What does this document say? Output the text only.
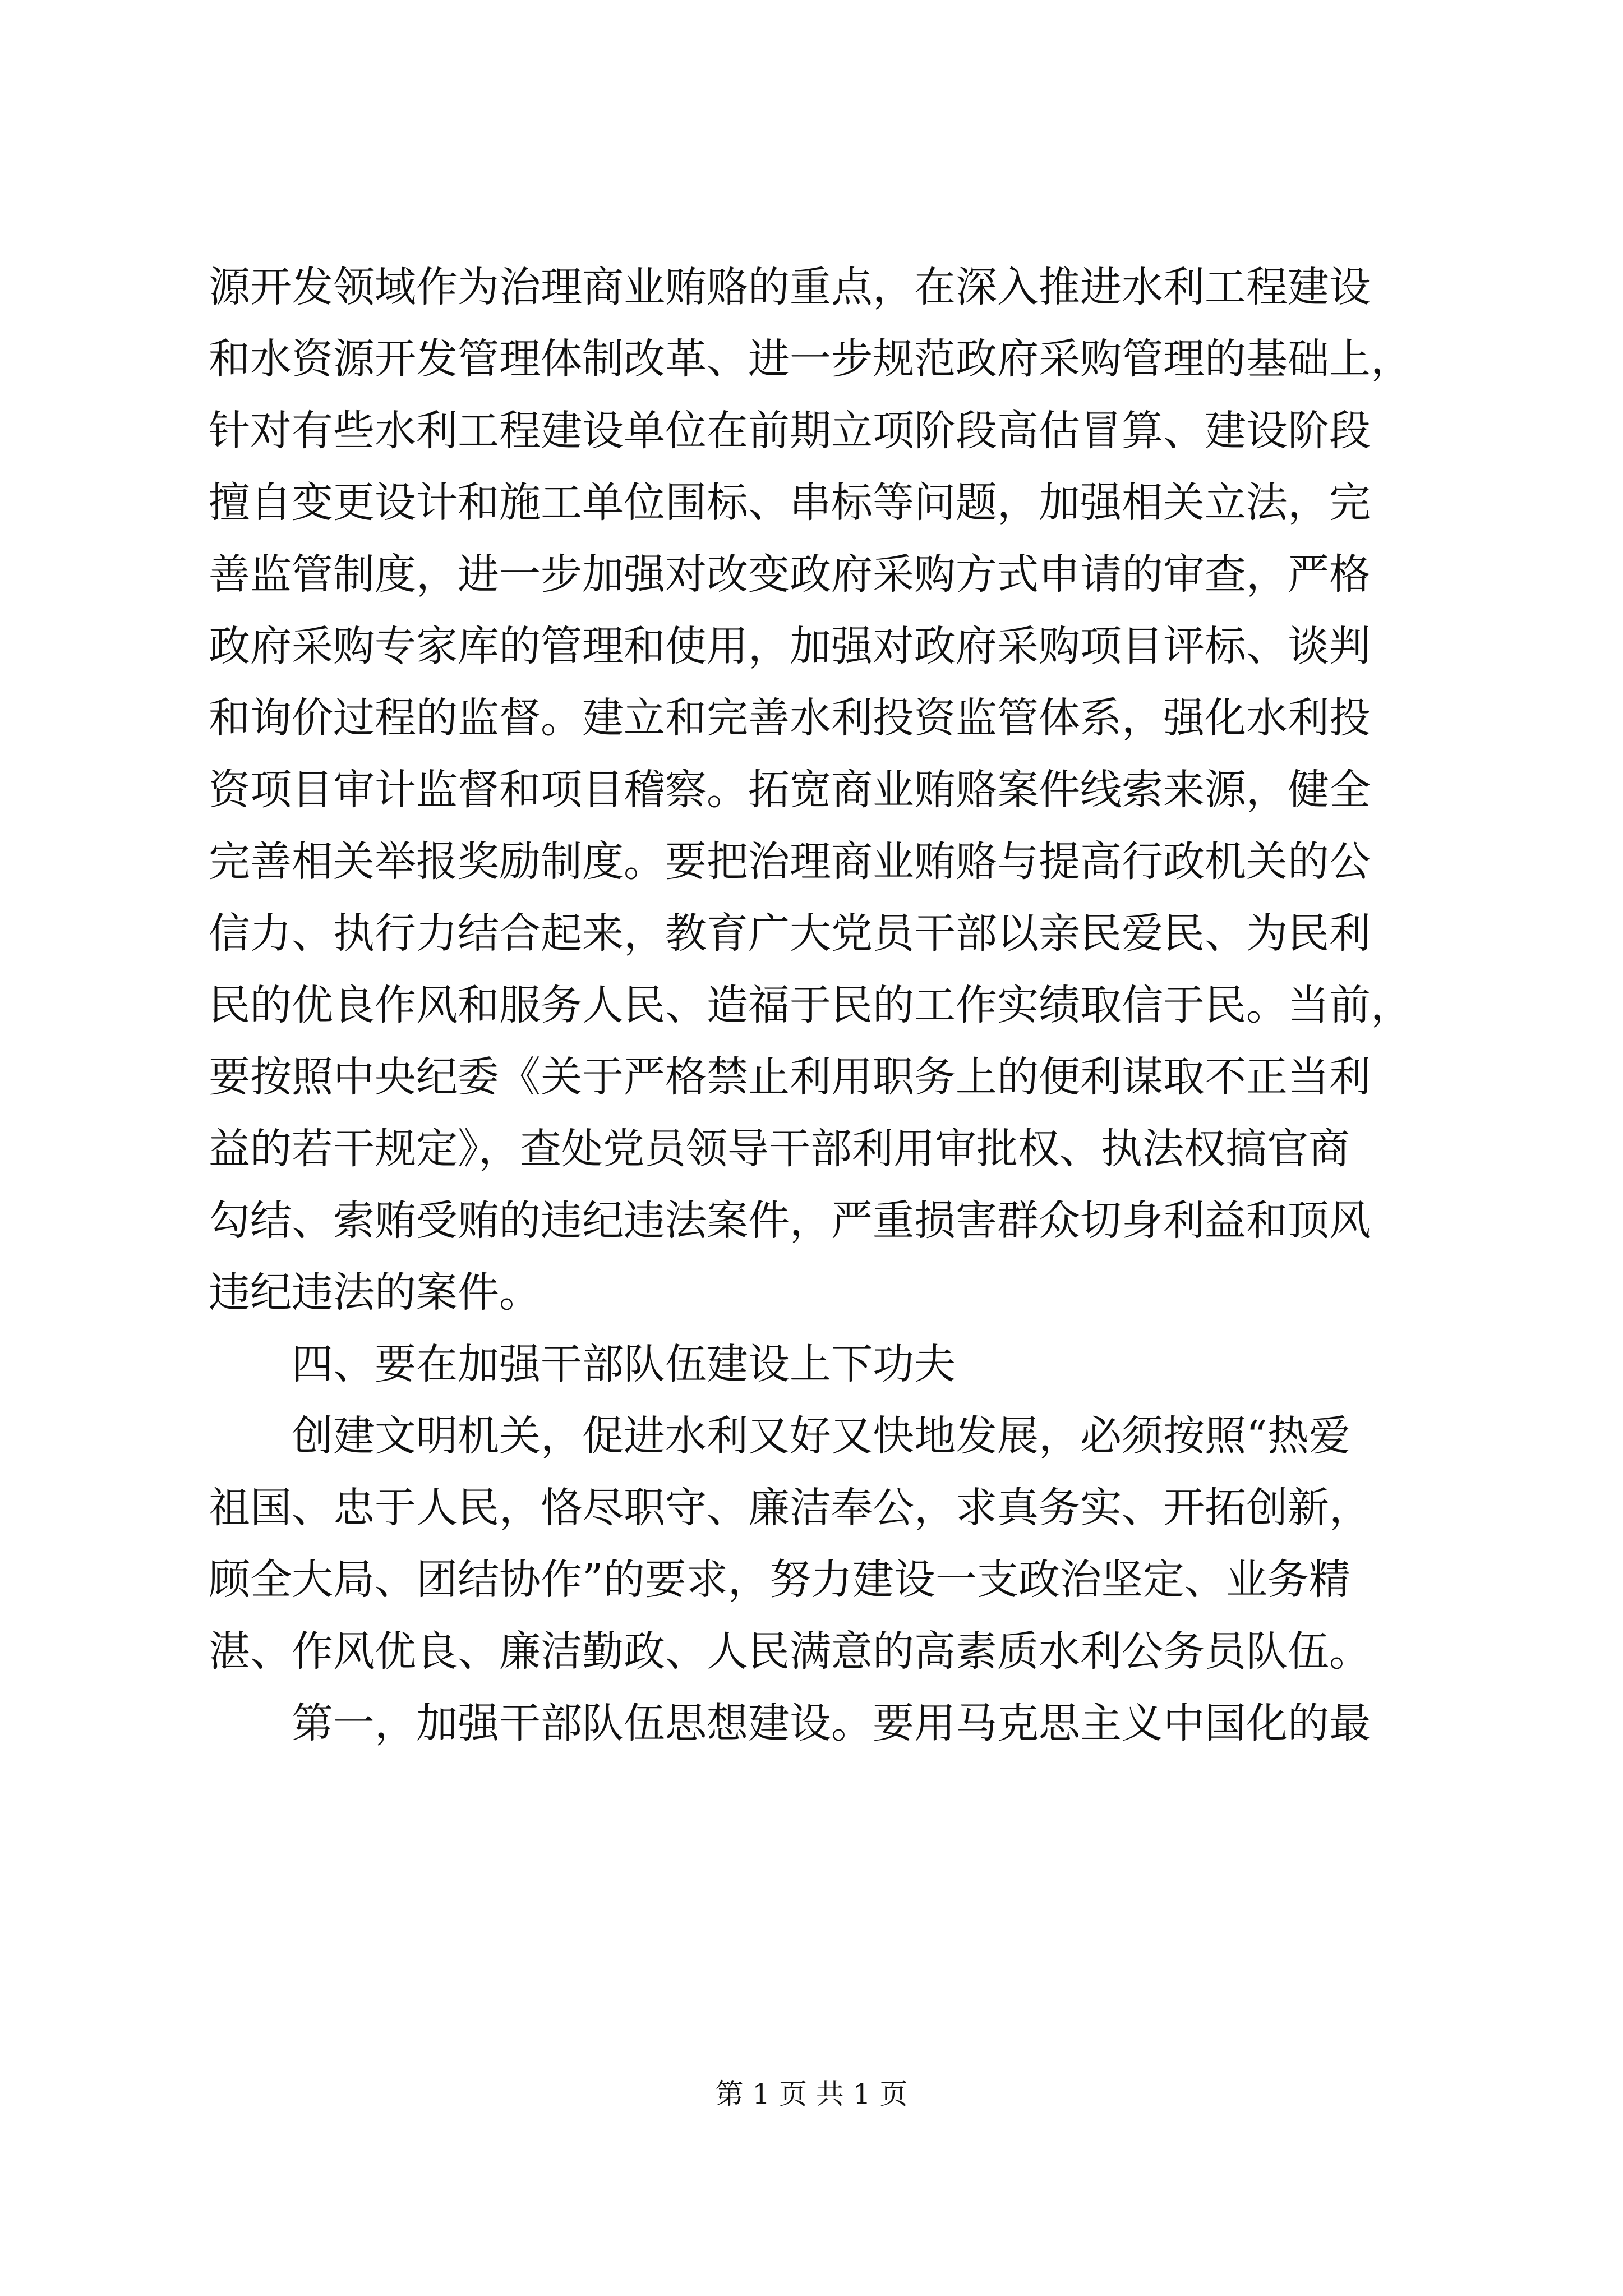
源开发领域作为治理商业贿赂的重点，在深入推进水利工程建设
和水资源开发管理体制改革、进一步规范政府采购管理的基础上，
针对有些水利工程建设单位在前期立项阶段高估冒算、建设阶段
擅自变更设计和施工单位围标、串标等问题，加强相关立法，完
善监管制度，进一步加强对改变政府采购方式申请的审查，严格
政府采购专家库的管理和使用，加强对政府采购项目评标、谈判
和询价过程的监督。建立和完善水利投资监管体系，强化水利投
资项目审计监督和项目稽察。拓宽商业贿赂案件线索来源，健全
完善相关举报奖励制度。要把治理商业贿赂与提高行政机关的公
信力、执行力结合起来，教育广大党员干部以亲民爱民、为民利
民的优良作风和服务人民、造福于民的工作实绩取信于民。当前，
要按照中央纪委《关于严格禁止利用职务上的便利谋取不正当利
益的若干规定》，查处党员领导干部利用审批权、执法权搞官商
勾结、索贿受贿的违纪违法案件，严重损害群众切身利益和顶风
违纪违法的案件。
四、要在加强干部队伍建设上下功夫
创建文明机关，促进水利又好又快地发展，必须按照“热爱
祖国、忠于人民，恪尽职守、廉洁奉公，求真务实、开拓创新，
顾全大局、团结协作”的要求，努力建设一支政治坚定、业务精
湛、作风优良、廉洁勤政、人民满意的高素质水利公务员队伍。
第一，加强干部队伍思想建设。要用马克思主义中国化的最
第 1 页 共 1 页
